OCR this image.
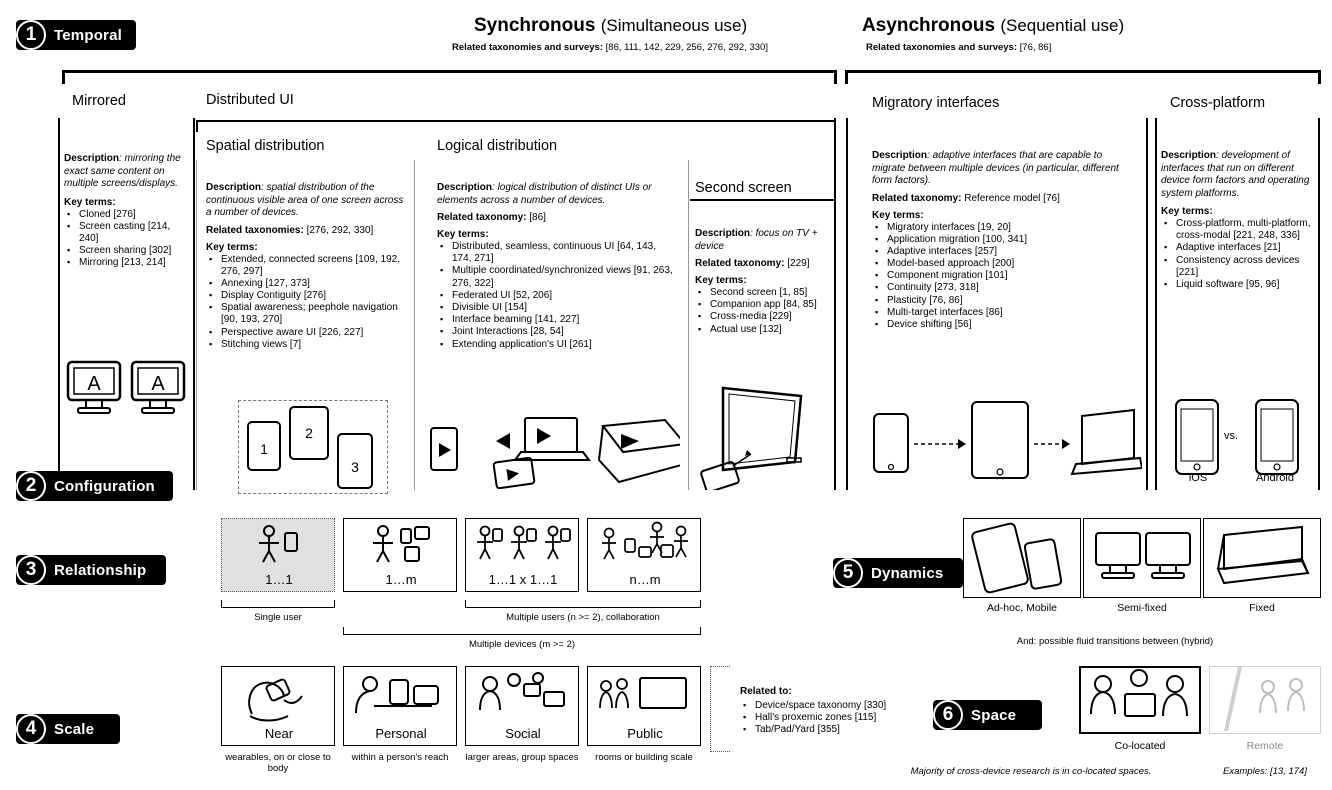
Synchronous (Simultaneous use)
Related taxonomies and surveys: [86, 111, 142, 229, 256, 276, 292, 330]
Asynchronous (Sequential use)
Related taxonomies and surveys: [76, 86]
1	Temporal
Mirrored	Distributed UI	Migratory interfaces	Cross-platform
Spatial distribution	Logical distribution
Second screen
Description: mirroring the exact same content on multiple screens/displays.
Key terms:
▪ Cloned [276]
▪ Screen casting [214, 240]
▪ Screen sharing [302]
▪ Mirroring [213, 214]
A	A
Description: spatial distribution of the continuous visible area of one screen across a number of devices.
Related taxonomies: [276, 292, 330]
Key terms:
▪ Extended, connected screens [109, 192, 276, 297]
▪ Annexing [127, 373]
▪ Display Contiguity [276]
▪ Spatial awareness; peephole navigation [90, 193, 270]
▪ Perspective aware UI [226, 227]
▪ Stitching views [7]
1
2
3
Description: logical distribution of distinct UIs or elements across a number of devices.
Related taxonomy: [86]
Key terms:
▪ Distributed, seamless, continuous UI [64, 143, 174, 271]
▪ Multiple coordinated/synchronized views [91, 263, 276, 322]
▪ Federated UI [52, 206]
▪ Divisible UI [154]
▪ Interface beaming [141, 227]
▪ Joint Interactions [28, 54]
▪ Extending application's UI [261]
Description: focus on TV + device
Related taxonomy: [229]
Key terms:
▪ Second screen [1, 85]
▪ Companion app [84, 85]
▪ Cross-media [229]
▪ Actual use [132]
Description: adaptive interfaces that are capable to migrate between multiple devices (in particular, different form factors).
Related taxonomy: Reference model [76]
Key terms:
▪ Migratory interfaces [19, 20]
▪ Application migration [100, 341]
▪ Adaptive interfaces [257]
▪ Model-based approach [200]
▪ Component migration [101]
▪ Continuity [273, 318]
▪ Plasticity [76, 86]
▪ Multi-target interfaces [86]
▪ Device shifting [56]
Description: development of interfaces that run on different device form factors and operating system platforms.
Key terms:
▪ Cross-platform, multi-platform, cross-modal [221, 248, 336]
▪ Adaptive interfaces [21]
▪ Consistency across devices [221]
▪ Liquid software [95, 96]
vs.
iOS	Android
2	Configuration
3	Relationship
1…1	1…m	1…1 x 1…1	n…m
Single user	Multiple users (n >= 2), collaboration
Multiple devices (m >= 2)
5	Dynamics
Ad-hoc, Mobile	Semi-fixed	Fixed
And: possible fluid transitions between (hybrid)
4	Scale	Near	Personal	Social	Public
wearables, on or close to body
within a person's reach	larger areas, group spaces	rooms or building scale
Related to:
▪ Device/space taxonomy [330]
▪ Hall's proxemic zones [115]
▪ Tab/Pad/Yard [355]
6	Space
Co-located	Remote
Majority of cross-device research is in co-located spaces.	Examples: [13, 174]
